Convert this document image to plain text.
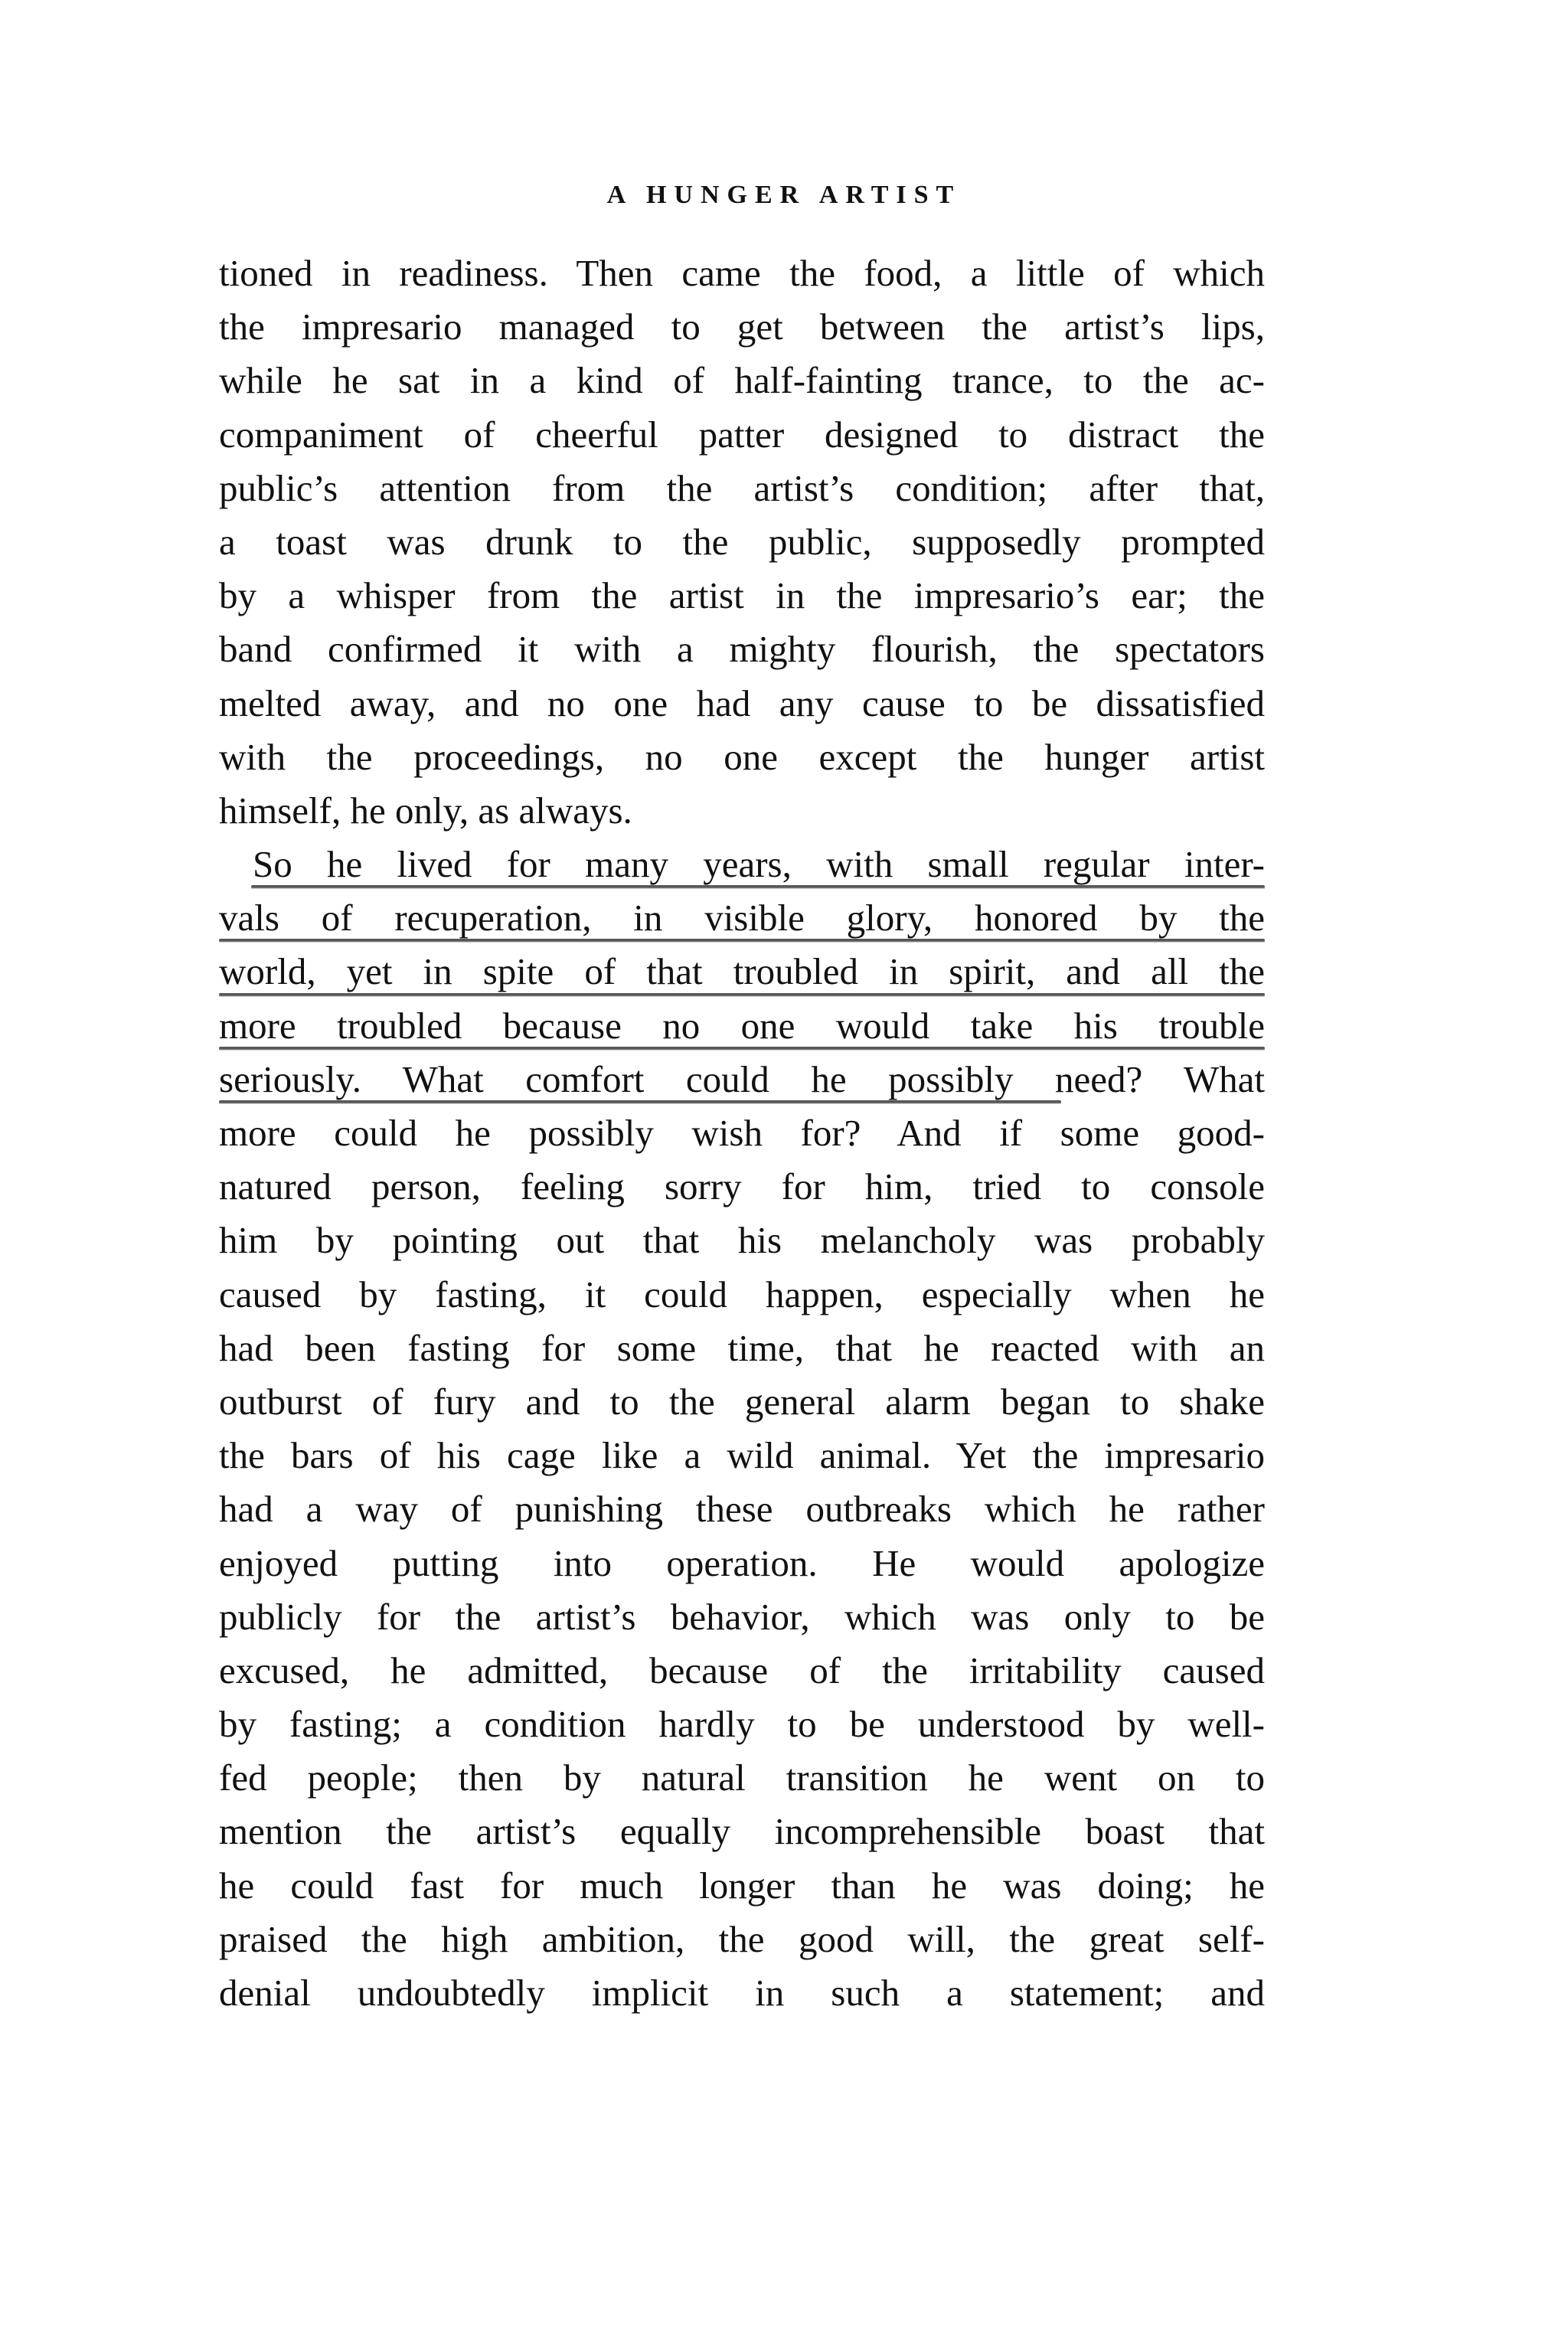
A HUNGER ARTIST
tioned in readiness. Then came the food, a little of which
the impresario managed to get between the artist’s lips,
while he sat in a kind of half-fainting trance, to the ac-
companiment of cheerful patter designed to distract the
public’s attention from the artist’s condition; after that,
a toast was drunk to the public, supposedly prompted
by a whisper from the artist in the impresario’s ear; the
band confirmed it with a mighty flourish, the spectators
melted away, and no one had any cause to be dissatisfied
with the proceedings, no one except the hunger artist
himself, he only, as always.
So he lived for many years, with small regular inter-
vals of recuperation, in visible glory, honored by the
world, yet in spite of that troubled in spirit, and all the
more troubled because no one would take his trouble
seriously. What comfort could he possibly need? What
more could he possibly wish for? And if some good-
natured person, feeling sorry for him, tried to console
him by pointing out that his melancholy was probably
caused by fasting, it could happen, especially when he
had been fasting for some time, that he reacted with an
outburst of fury and to the general alarm began to shake
the bars of his cage like a wild animal. Yet the impresario
had a way of punishing these outbreaks which he rather
enjoyed putting into operation. He would apologize
publicly for the artist’s behavior, which was only to be
excused, he admitted, because of the irritability caused
by fasting; a condition hardly to be understood by well-
fed people; then by natural transition he went on to
mention the artist’s equally incomprehensible boast that
he could fast for much longer than he was doing; he
praised the high ambition, the good will, the great self-
denial undoubtedly implicit in such a statement; and
